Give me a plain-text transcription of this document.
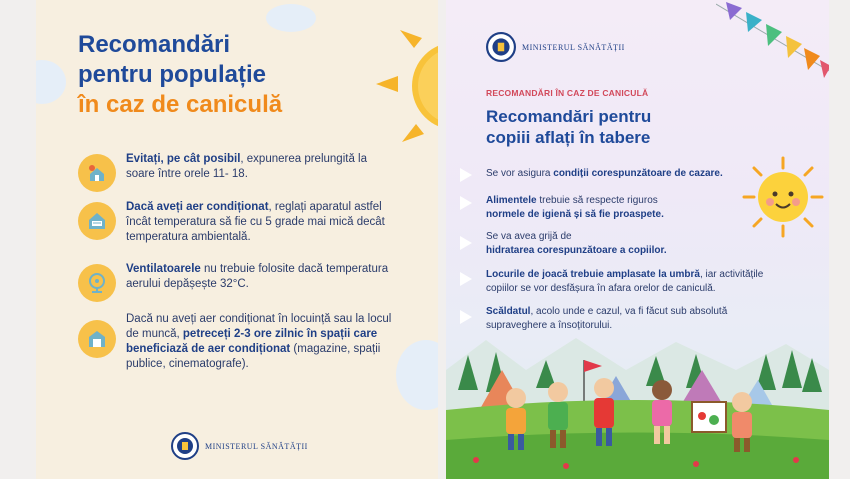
Recomandări
pentru populație
în caz de caniculă
Evitați, pe cât posibil, expunerea prelungită la soare între orele 11- 18.
Dacă aveți aer condiționat, reglați aparatul astfel încât temperatura să fie cu 5 grade mai mică decât temperatura ambientală.
Ventilatoarele nu trebuie folosite dacă temperatura aerului depășește 32°C.
Dacă nu aveți aer condiționat în locuință sau la locul de muncă, petreceți 2-3 ore zilnic în spații care beneficiază de aer condiționat (magazine, spații publice, cinematografe).
MINISTERUL SĂNĂTĂȚII
MINISTERUL SĂNĂTĂȚII
RECOMANDĂRI ÎN CAZ DE CANICULĂ
Recomandări pentru
copiii aflați în tabere
Se vor asigura condiții corespunzătoare de cazare.
Alimentele trebuie să respecte riguros
normele de igienă și să fie proaspete.
Se va avea grijă de
hidratarea corespunzătoare a copiilor.
Locurile de joacă trebuie amplasate la umbră, iar activitățile copiilor se vor desfășura în afara orelor de caniculă.
Scăldatul, acolo unde e cazul, va fi făcut sub absolută supraveghere a însoțitorului.
